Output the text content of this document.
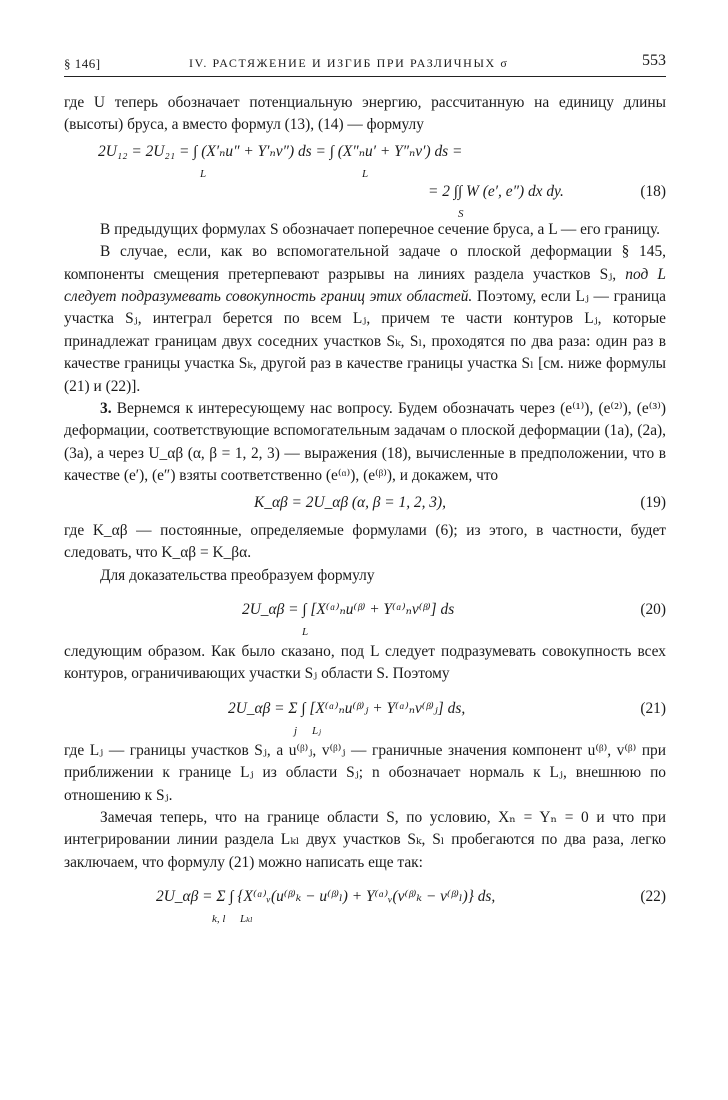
§ 146]	IV. РАСТЯЖЕНИЕ И ИЗГИБ ПРИ РАЗЛИЧНЫХ σ	553

где U теперь обозначает потенциальную энергию, рассчитанную на единицу длины (высоты) бруса, а вместо формул (13), (14) — формулу

2U₁₂ = 2U₂₁ = ∫ (X′ₙu″ + Y′ₙv″) ds = ∫ (X″ₙu′ + Y″ₙv′) ds =
L	L
= 2 ∫∫ W (e′, e″) dx dy.
S
(18)

В предыдущих формулах S обозначает поперечное сечение бруса, а L — его границу.

В случае, если, как во вспомогательной задаче о плоской деформации § 145, компоненты смещения претерпевают разрывы на линиях раздела участков Sⱼ, под L следует подразумевать совокупность границ этих областей. Поэтому, если Lⱼ — граница участка Sⱼ, интеграл берется по всем Lⱼ, причем те части контуров Lⱼ, которые принадлежат границам двух соседних участков Sₖ, Sₗ, проходятся по два раза: один раз в качестве границы участка Sₖ, другой раз в качестве границы участка Sₗ [см. ниже формулы (21) и (22)].

3. Вернемся к интересующему нас вопросу. Будем обозначать через (e⁽¹⁾), (e⁽²⁾), (e⁽³⁾) деформации, соответствующие вспомогательным задачам о плоской деформации (1a), (2a), (3a), а через U_αβ (α, β = 1, 2, 3) — выражения (18), вычисленные в предположении, что в качестве (e′), (e″) взяты соответственно (e⁽ᵅ⁾), (e⁽ᵝ⁾), и докажем, что

K_αβ = 2U_αβ (α, β = 1, 2, 3),	(19)

где K_αβ — постоянные, определяемые формулами (6); из этого, в частности, будет следовать, что K_αβ = K_βα.

Для доказательства преобразуем формулу

2U_αβ = ∫ [X⁽ᵅ⁾ₙu⁽ᵝ⁾ + Y⁽ᵅ⁾ₙv⁽ᵝ⁾] ds
L
(20)

следующим образом. Как было сказано, под L следует подразумевать совокупность всех контуров, ограничивающих участки Sⱼ области S. Поэтому

2U_αβ = Σ ∫ [X⁽ᵅ⁾ₙu⁽ᵝ⁾ⱼ + Y⁽ᵅ⁾ₙv⁽ᵝ⁾ⱼ] ds,
j Lⱼ
(21)

где Lⱼ — границы участков Sⱼ, а u⁽ᵝ⁾ⱼ, v⁽ᵝ⁾ⱼ — граничные значения компонент u⁽ᵝ⁾, v⁽ᵝ⁾ при приближении к границе Lⱼ из области Sⱼ; n обозначает нормаль к Lⱼ, внешнюю по отношению к Sⱼ.

Замечая теперь, что на границе области S, по условию, Xₙ = Yₙ = 0 и что при интегрировании линии раздела Lₖₗ двух участков Sₖ, Sₗ пробегаются по два раза, легко заключаем, что формулу (21) можно написать еще так:

2U_αβ = Σ ∫ {X⁽ᵅ⁾ᵥ(u⁽ᵝ⁾ₖ − u⁽ᵝ⁾ₗ) + Y⁽ᵅ⁾ᵥ(v⁽ᵝ⁾ₖ − v⁽ᵝ⁾ₗ)} ds,
k, l Lₖₗ
(22)
